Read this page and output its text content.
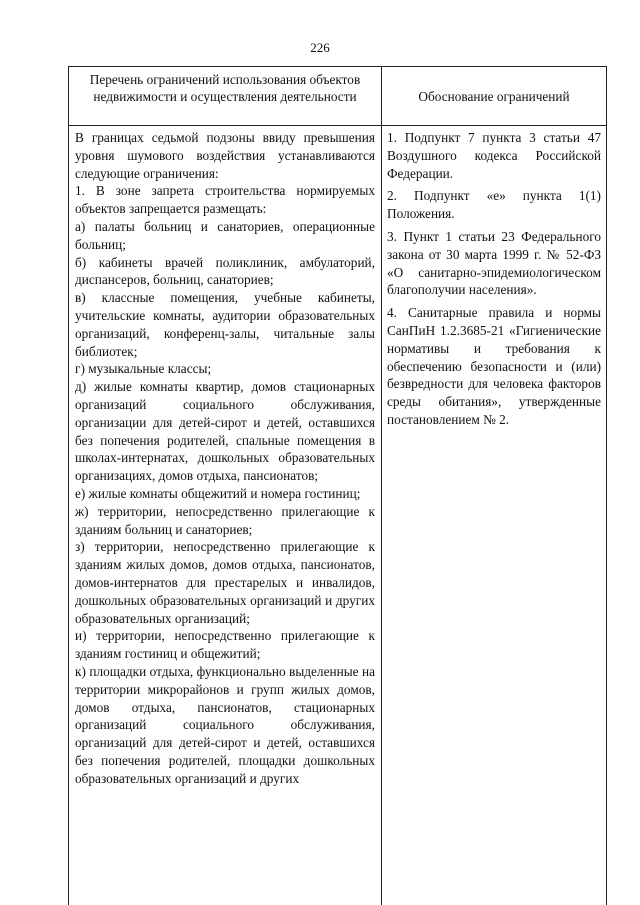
226
Перечень ограничений использования объектов недвижимости и осуществления деятельности	Обоснование ограничений

В границах седьмой подзоны ввиду превышения уровня шумового воздействия устанавливаются следующие ограничения:

1. В зоне запрета строительства нормируемых объектов запрещается размещать:

а) палаты больниц и санаториев, операционные больниц;

б) кабинеты врачей поликлиник, амбулаторий, диспансеров, больниц, санаториев;

в) классные помещения, учебные кабинеты, учительские комнаты, аудитории образовательных организаций, конференц-залы, читальные залы библиотек;

г) музыкальные классы;

д) жилые комнаты квартир, домов стационарных организаций социального обслуживания, организации для детей-сирот и детей, оставшихся без попечения родителей, спальные помещения в школах-интернатах, дошкольных образовательных организациях, домов отдыха, пансионатов;

е) жилые комнаты общежитий и номера гостиниц;

ж) территории, непосредственно прилегающие к зданиям больниц и санаториев;

з) территории, непосредственно прилегающие к зданиям жилых домов, домов отдыха, пансионатов, домов-интернатов для престарелых и инвалидов, дошкольных образовательных организаций и других образовательных организаций;

и) территории, непосредственно прилегающие к зданиям гостиниц и общежитий;

к) площадки отдыха, функционально выделенные на территории микрорайонов и групп жилых домов, домов отдыха, пансионатов, стационарных организаций социального обслуживания, организаций для детей-сирот и детей, оставшихся без попечения родителей, площадки дошкольных образовательных организаций и других

1. Подпункт 7 пункта 3 статьи 47 Воздушного кодекса Российской Федерации.

2. Подпункт «е» пункта 1(1) Положения.

3. Пункт 1 статьи 23 Федерального закона от 30 марта 1999 г. № 52-ФЗ «О санитарно-эпидемиологическом благополучии населения».

4. Санитарные правила и нормы СанПиН 1.2.3685-21 «Гигиенические нормативы и требования к обеспечению безопасности и (или) безвредности для человека факторов среды обитания», утвержденные постановлением № 2.
